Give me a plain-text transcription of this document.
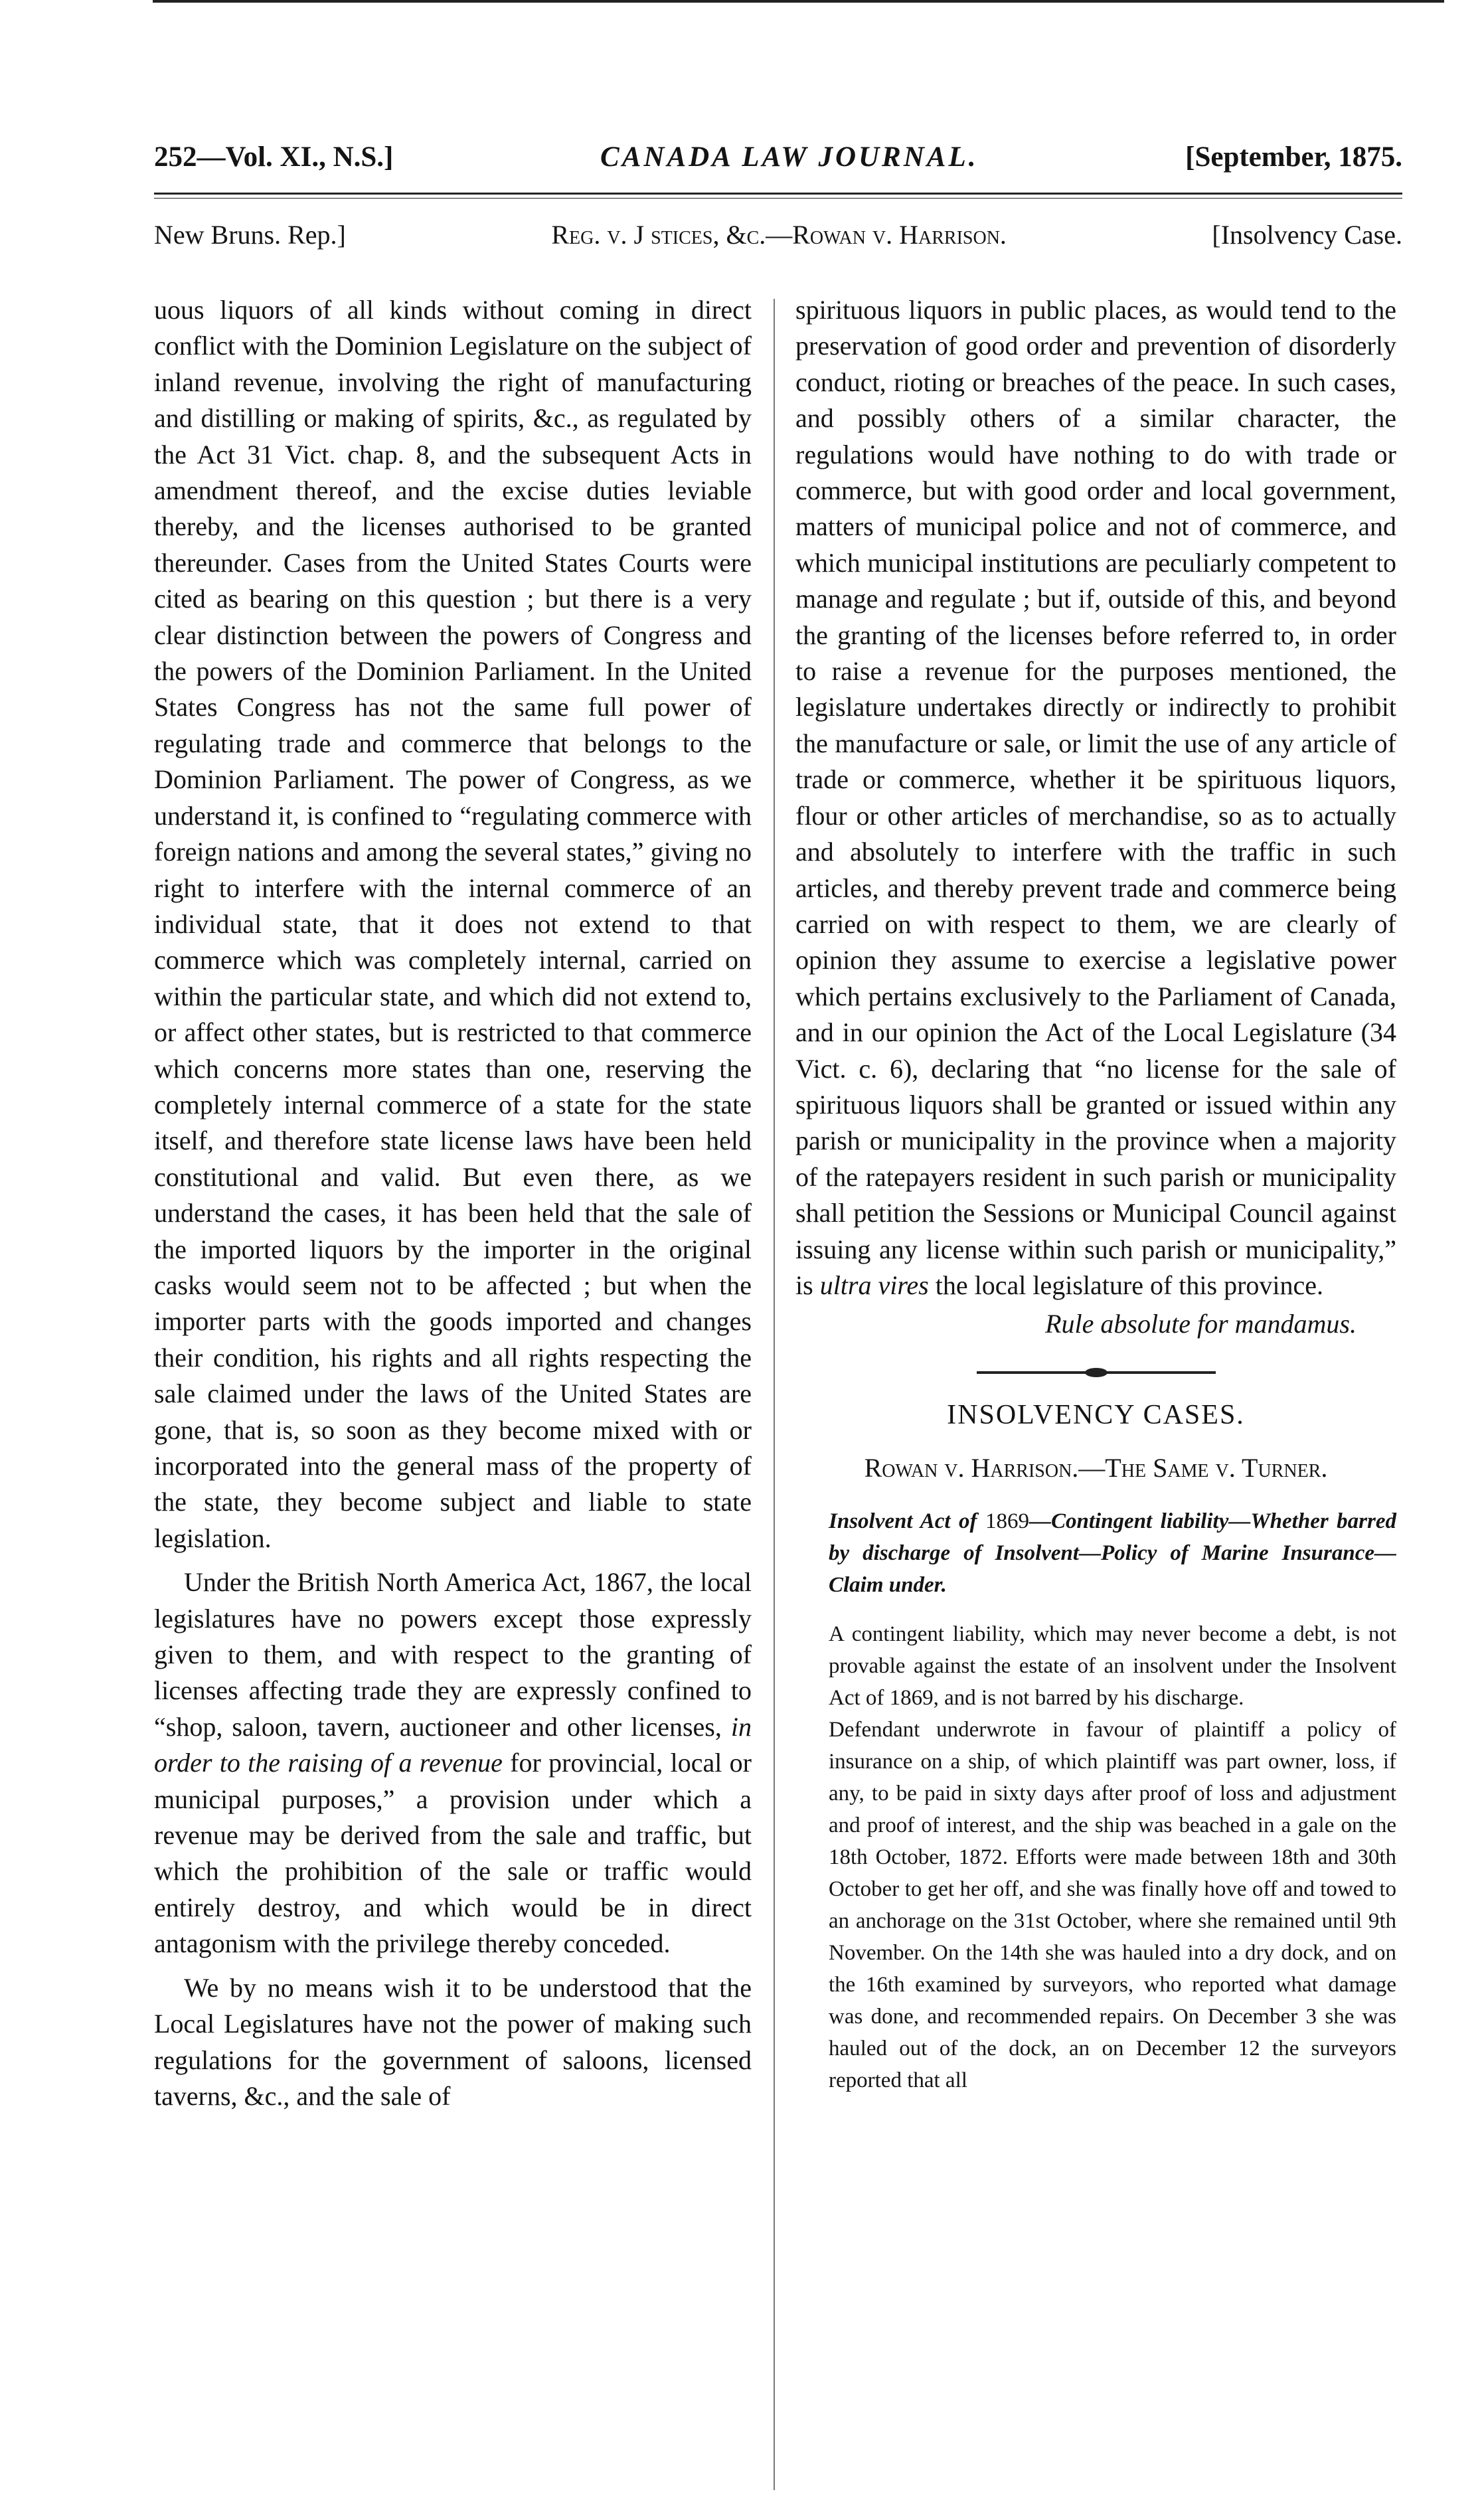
252—Vol. XI., N.S.]	CANADA LAW JOURNAL.	[September, 1875.
New Bruns. Rep.]	Reg. v. J stices, &c.—Rowan v. Harrison.	[Insolvency Case.

uous liquors of all kinds without coming in direct conflict with the Dominion Legislature on the subject of inland revenue, involving the right of manufacturing and distilling or making of spirits, &c., as regulated by the Act 31 Vict. chap. 8, and the subsequent Acts in amendment thereof, and the excise duties leviable thereby, and the licenses authorised to be granted thereunder. Cases from the United States Courts were cited as bearing on this question ; but there is a very clear distinction between the powers of Congress and the powers of the Dominion Parliament. In the United States Congress has not the same full power of regulating trade and commerce that belongs to the Dominion Parliament. The power of Congress, as we understand it, is confined to “regulating commerce with foreign nations and among the several states,” giving no right to interfere with the internal commerce of an individual state, that it does not extend to that commerce which was completely internal, carried on within the particular state, and which did not extend to, or affect other states, but is restricted to that commerce which concerns more states than one, reserving the completely internal commerce of a state for the state itself, and therefore state license laws have been held constitutional and valid. But even there, as we understand the cases, it has been held that the sale of the imported liquors by the importer in the original casks would seem not to be affected ; but when the importer parts with the goods imported and changes their condition, his rights and all rights respecting the sale claimed under the laws of the United States are gone, that is, so soon as they become mixed with or incorporated into the general mass of the property of the state, they become subject and liable to state legislation.

Under the British North America Act, 1867, the local legislatures have no powers except those expressly given to them, and with respect to the granting of licenses affecting trade they are expressly confined to “shop, saloon, tavern, auctioneer and other licenses, in order to the raising of a revenue for provincial, local or municipal purposes,” a provision under which a revenue may be derived from the sale and traffic, but which the prohibition of the sale or traffic would entirely destroy, and which would be in direct antagonism with the privilege thereby conceded.

We by no means wish it to be understood that the Local Legislatures have not the power of making such regulations for the government of saloons, licensed taverns, &c., and the sale of

spirituous liquors in public places, as would tend to the preservation of good order and prevention of disorderly conduct, rioting or breaches of the peace. In such cases, and possibly others of a similar character, the regulations would have nothing to do with trade or commerce, but with good order and local government, matters of municipal police and not of commerce, and which municipal institutions are peculiarly competent to manage and regulate ; but if, outside of this, and beyond the granting of the licenses before referred to, in order to raise a revenue for the purposes mentioned, the legislature undertakes directly or indirectly to prohibit the manufacture or sale, or limit the use of any article of trade or commerce, whether it be spirituous liquors, flour or other articles of merchandise, so as to actually and absolutely to interfere with the traffic in such articles, and thereby prevent trade and commerce being carried on with respect to them, we are clearly of opinion they assume to exercise a legislative power which pertains exclusively to the Parliament of Canada, and in our opinion the Act of the Local Legislature (34 Vict. c. 6), declaring that “no license for the sale of spirituous liquors shall be granted or issued within any parish or municipality in the province when a majority of the ratepayers resident in such parish or municipality shall petition the Sessions or Municipal Council against issuing any license within such parish or municipality,” is ultra vires the local legislature of this province.

Rule absolute for mandamus.

INSOLVENCY CASES.
Rowan v. Harrison.—The Same v. Turner.

Insolvent Act of 1869—Contingent liability—Whether barred by discharge of Insolvent—Policy of Marine Insurance—Claim under.

A contingent liability, which may never become a debt, is not provable against the estate of an insolvent under the Insolvent Act of 1869, and is not barred by his discharge.

Defendant underwrote in favour of plaintiff a policy of insurance on a ship, of which plaintiff was part owner, loss, if any, to be paid in sixty days after proof of loss and adjustment and proof of interest, and the ship was beached in a gale on the 18th October, 1872. Efforts were made between 18th and 30th October to get her off, and she was finally hove off and towed to an anchorage on the 31st October, where she remained until 9th November. On the 14th she was hauled into a dry dock, and on the 16th examined by surveyors, who reported what damage was done, and recommended repairs. On December 3 she was hauled out of the dock, an on December 12 the surveyors reported that all
